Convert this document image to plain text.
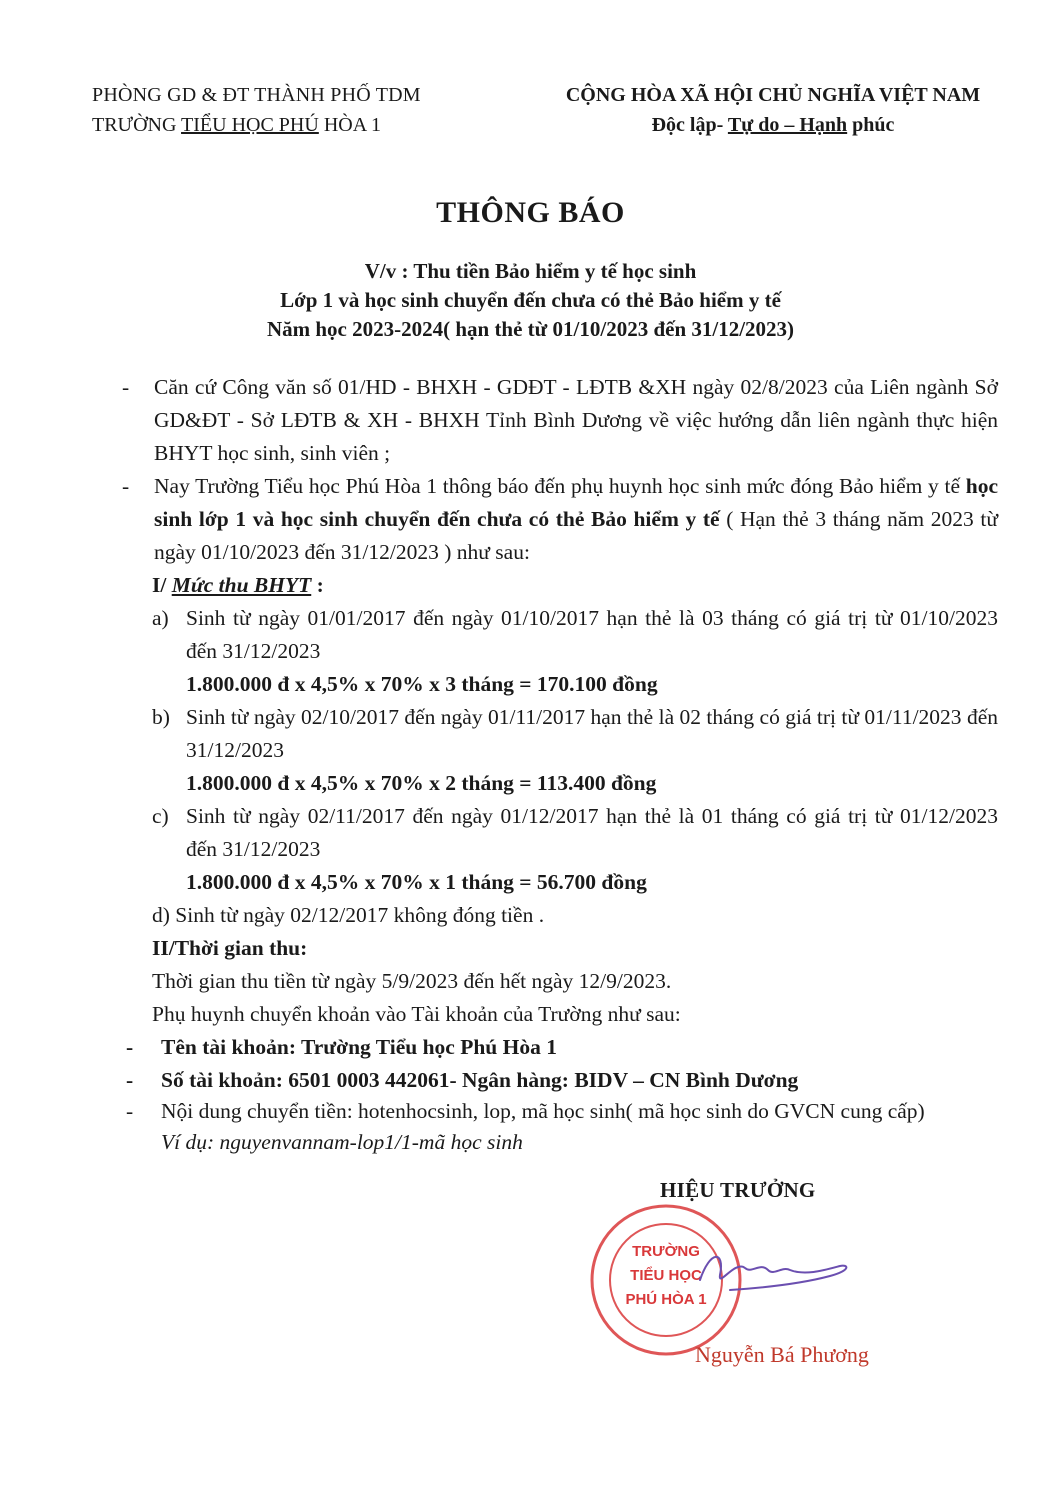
PHÒNG GD & ĐT THÀNH PHỐ TDM
TRƯỜNG TIỂU HỌC PHÚ HÒA 1
CỘNG HÒA XÃ HỘI CHỦ NGHĨA VIỆT NAM
Độc lập- Tự do – Hạnh phúc
THÔNG BÁO
V/v : Thu tiền Bảo hiểm y tế học sinh
Lớp 1 và học sinh chuyển đến chưa có thẻ Bảo hiểm y tế
Năm học 2023-2024( hạn thẻ từ 01/10/2023 đến 31/12/2023)
- Căn cứ Công văn số 01/HD - BHXH - GDĐT - LĐTB &XH ngày 02/8/2023 của Liên ngành Sở GD&ĐT - Sở LĐTB & XH - BHXH Tỉnh Bình Dương về việc hướng dẫn liên ngành thực hiện BHYT học sinh, sinh viên ;
- Nay Trường Tiểu học Phú Hòa 1 thông báo đến phụ huynh học sinh mức đóng Bảo hiểm y tế học sinh lớp 1 và học sinh chuyển đến chưa có thẻ Bảo hiểm y tế ( Hạn thẻ 3 tháng năm 2023 từ ngày 01/10/2023 đến 31/12/2023 ) như sau:
I/ Mức thu BHYT :
a) Sinh từ ngày 01/01/2017 đến ngày 01/10/2017 hạn thẻ là 03 tháng có giá trị từ 01/10/2023 đến 31/12/2023
1.800.000 đ x 4,5% x 70% x 3 tháng = 170.100 đồng
b) Sinh từ ngày 02/10/2017 đến ngày 01/11/2017 hạn thẻ là 02 tháng có giá trị từ 01/11/2023 đến 31/12/2023
1.800.000 đ x 4,5% x 70% x 2 tháng = 113.400 đồng
c) Sinh từ ngày 02/11/2017 đến ngày 01/12/2017 hạn thẻ là 01 tháng có giá trị từ 01/12/2023 đến 31/12/2023
1.800.000 đ x 4,5% x 70% x 1 tháng = 56.700 đồng
d) Sinh từ ngày 02/12/2017 không đóng tiền .
II/Thời gian thu:
Thời gian thu tiền từ ngày 5/9/2023 đến hết ngày 12/9/2023.
Phụ huynh chuyển khoản vào Tài khoản của Trường như sau:
- Tên tài khoản: Trường Tiểu học Phú Hòa 1
- Số tài khoản: 6501 0003 442061- Ngân hàng: BIDV – CN Bình Dương
- Nội dung chuyển tiền: hotenhocsinh, lop, mã học sinh( mã học sinh do GVCN cung cấp)
Ví dụ: nguyenvannam-lop1/1-mã học sinh
HIỆU TRƯỞNG
TRƯỜNG
TIỂU HỌC
PHÚ HÒA 1
Nguyễn Bá Phương
